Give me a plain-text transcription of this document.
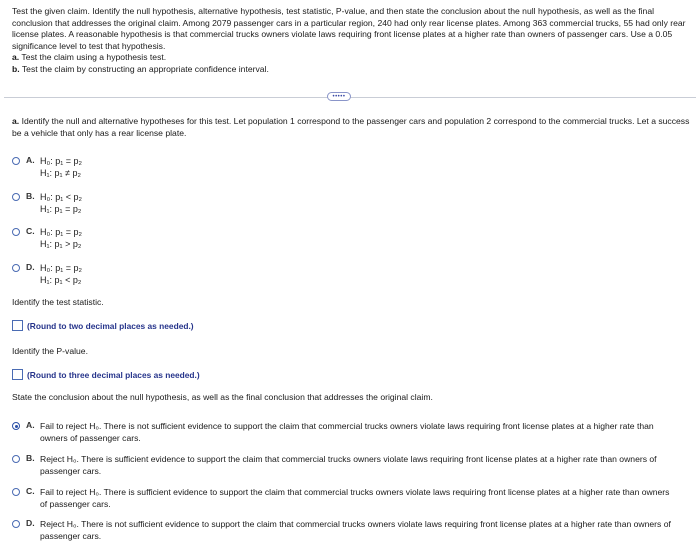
Test the given claim. Identify the null hypothesis, alternative hypothesis, test statistic, P-value, and then state the conclusion about the null hypothesis, as well as the final conclusion that addresses the original claim. Among 2079 passenger cars in a particular region, 240 had only rear license plates. Among 363 commercial trucks, 55 had only rear license plates. A reasonable hypothesis is that commercial trucks owners violate laws requiring front license plates at a higher rate than owners of passenger cars. Use a 0.05 significance level to test that hypothesis.
a. Test the claim using a hypothesis test.
b. Test the claim by constructing an appropriate confidence interval.
•••••
a. Identify the null and alternative hypotheses for this test. Let population 1 correspond to the passenger cars and population 2 correspond to the commercial trucks. Let a success be a vehicle that only has a rear license plate.
A. H₀: p₁ = p₂
H₁: p₁ ≠ p₂
B. H₀: p₁ < p₂
H₁: p₁ = p₂
C. H₀: p₁ = p₂
H₁: p₁ > p₂
D. H₀: p₁ = p₂
H₁: p₁ < p₂
Identify the test statistic.
(Round to two decimal places as needed.)
Identify the P-value.
(Round to three decimal places as needed.)
State the conclusion about the null hypothesis, as well as the final conclusion that addresses the original claim.
A. Fail to reject H₀. There is not sufficient evidence to support the claim that commercial trucks owners violate laws requiring front license plates at a higher rate than owners of passenger cars.
B. Reject H₀. There is sufficient evidence to support the claim that commercial trucks owners violate laws requiring front license plates at a higher rate than owners of passenger cars.
C. Fail to reject H₀. There is sufficient evidence to support the claim that commercial trucks owners violate laws requiring front license plates at a higher rate than owners of passenger cars.
D. Reject H₀. There is not sufficient evidence to support the claim that commercial trucks owners violate laws requiring front license plates at a higher rate than owners of passenger cars.
